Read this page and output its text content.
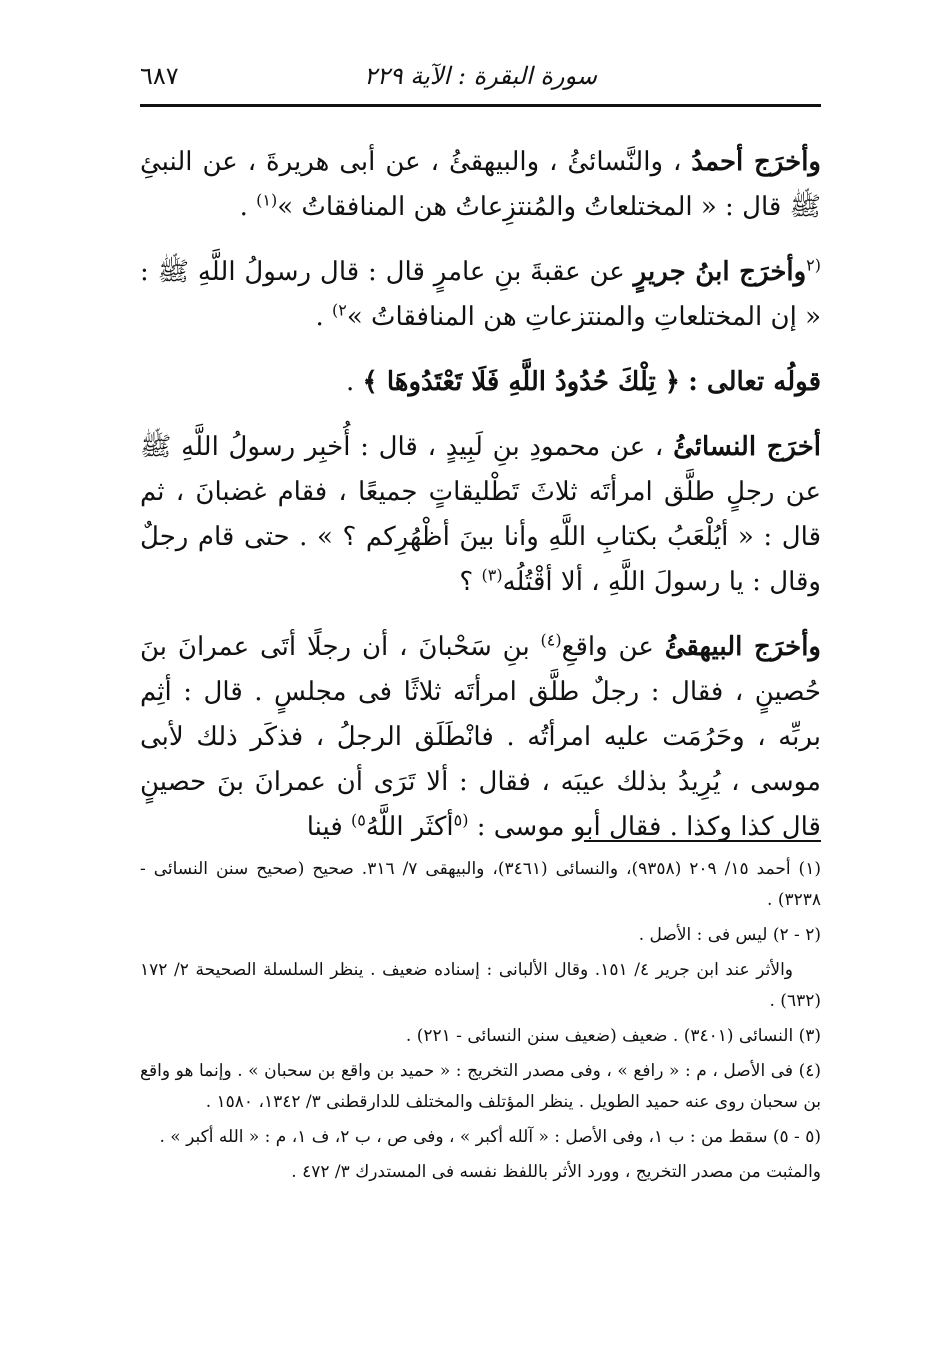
٦٨٧	سورة البقرة : الآية ٢٢٩

وأخرَج أحمدُ ، والنَّسائئُ ، والبيهقئُ ، عن أبى هريرةَ ، عن النبئِ ﷺ قال : « المختلعاتُ والمُنتزِعاتُ هن المنافقاتُ »$^{(١)}$ .

$^{(٢}$وأخرَج ابنُ جريرٍ عن عقبةَ بنِ عامرٍ قال : قال رسولُ اللَّهِ ﷺ : « إن المختلعاتِ والمنتزعاتِ هن المنافقاتُ »$^{٢)}$ .

قولُه تعالى : ﴿ تِلْكَ حُدُودُ اللَّهِ فَلَا تَعْتَدُوهَا ﴾ .

أخرَج النسائئُ ، عن محمودِ بنِ لَبِيدٍ ، قال : أُخبِر رسولُ اللَّهِ ﷺ عن رجلٍ طلَّق امرأتَه ثلاثَ تَطْليقاتٍ جميعًا ، فقام غضبانَ ، ثم قال : « أيُلْعَبُ بكتابِ اللَّهِ وأنا بينَ أظْهُرِكم ؟ » . حتى قام رجلٌ وقال : يا رسولَ اللَّهِ ، ألا أقْتُلُه$^{(٣)}$ ؟

وأخرَج البيهقئُ عن واقعِ$^{(٤)}$ بنِ سَحْبانَ ، أن رجلًا أتَى عمرانَ بنَ حُصينٍ ، فقال : رجلٌ طلَّق امرأتَه ثلاثًا فى مجلسٍ . قال : أثِم بربِّه ، وحَرُمَت عليه امرأتُه . فانْطَلَق الرجلُ ، فذكَر ذلك لأبى موسى ، يُرِيدُ بذلك عيبَه ، فقال : ألا تَرَى أن عمرانَ بنَ حصينٍ قال كذا وكذا . فقال أبو موسى : $^{(٥}$أكثَر اللَّهُ$^{٥)}$ فينا

(١) أحمد ١٥/ ٢٠٩ (٩٣٥٨)، والنسائى (٣٤٦١)، والبيهقى ٧/ ٣١٦. صحيح (صحيح سنن النسائى - ٣٢٣٨) .

(٢ - ٢) ليس فى : الأصل .

والأثر عند ابن جرير ٤/ ١٥١. وقال الألبانى : إسناده ضعيف . ينظر السلسلة الصحيحة ٢/ ١٧٢ (٦٣٢) .

(٣) النسائى (٣٤٠١) . ضعيف (ضعيف سنن النسائى - ٢٢١) .

(٤) فى الأصل ، م : « رافع » ، وفى مصدر التخريج : « حميد بن واقع بن سحبان » . وإنما هو واقع بن سحبان روى عنه حميد الطويل . ينظر المؤتلف والمختلف للدارقطنى ٣/ ١٣٤٢، ١٥٨٠ .

(٥ - ٥) سقط من : ب ١، وفى الأصل : « آلله أكبر » ، وفى ص ، ب ٢، ف ١، م : « الله أكبر » .

والمثبت من مصدر التخريج ، وورد الأثر باللفظ نفسه فى المستدرك ٣/ ٤٧٢ .
